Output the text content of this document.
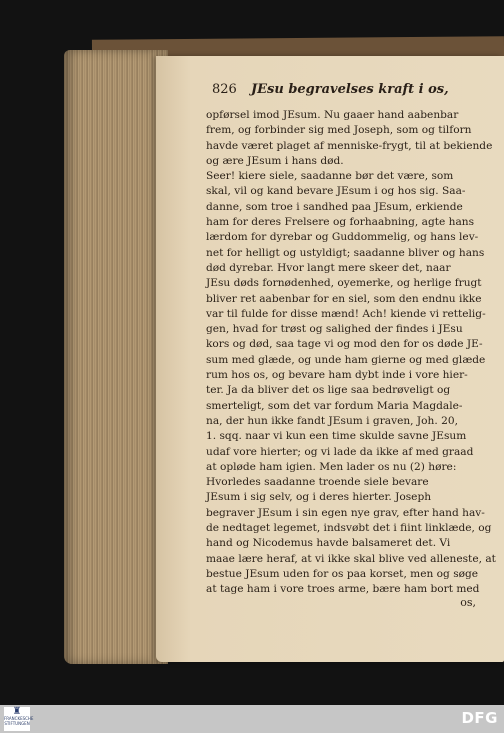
826 JEsu begravelses kraft i os,
opførsel imod JEsum. Nu gaaer hand aabenbar
frem, og forbinder sig med Joseph, som og tilforn
havde været plaget af menniske-frygt, til at bekiende
og ære JEsum i hans død.
Seer! kiere siele, saadanne bør det være, som
skal, vil og kand bevare JEsum i og hos sig. Saa-
danne, som troe i sandhed paa JEsum, erkiende
ham for deres Frelsere og forhaabning, agte hans
lærdom for dyrebar og Guddommelig, og hans lev-
net for helligt og ustyldigt; saadanne bliver og hans
død dyrebar. Hvor langt mere skeer det, naar
JEsu døds fornødenhed, oyemerke, og herlige frugt
bliver ret aabenbar for en siel, som den endnu ikke
var til fulde for disse mænd! Ach! kiende vi rettelig-
gen, hvad for trøst og salighed der findes i JEsu
kors og død, saa tage vi og mod den for os døde JE-
sum med glæde, og unde ham gierne og med glæde
rum hos os, og bevare ham dybt inde i vore hier-
ter. Ja da bliver det os lige saa bedrøveligt og
smerteligt, som det var fordum Maria Magdale-
na, der hun ikke fandt JEsum i graven, Joh. 20,
1. sqq. naar vi kun een time skulde savne JEsum
udaf vore hierter; og vi lade da ikke af med graad
at opløde ham igien. Men lader os nu (2) høre:
Hvorledes saadanne troende siele bevare
JEsum i sig selv, og i deres hierter. Joseph
begraver JEsum i sin egen nye grav, efter hand hav-
de nedtaget legemet, indsvøbt det i fiint linklæde, og
hand og Nicodemus havde balsameret det. Vi
maae lære heraf, at vi ikke skal blive ved alleneste, at
bestue JEsum uden for os paa korset, men og søge
at tage ham i vore troes arme, bære ham bort med
os,
♜
FRANCKESCHE STIFTUNGEN	DFG
